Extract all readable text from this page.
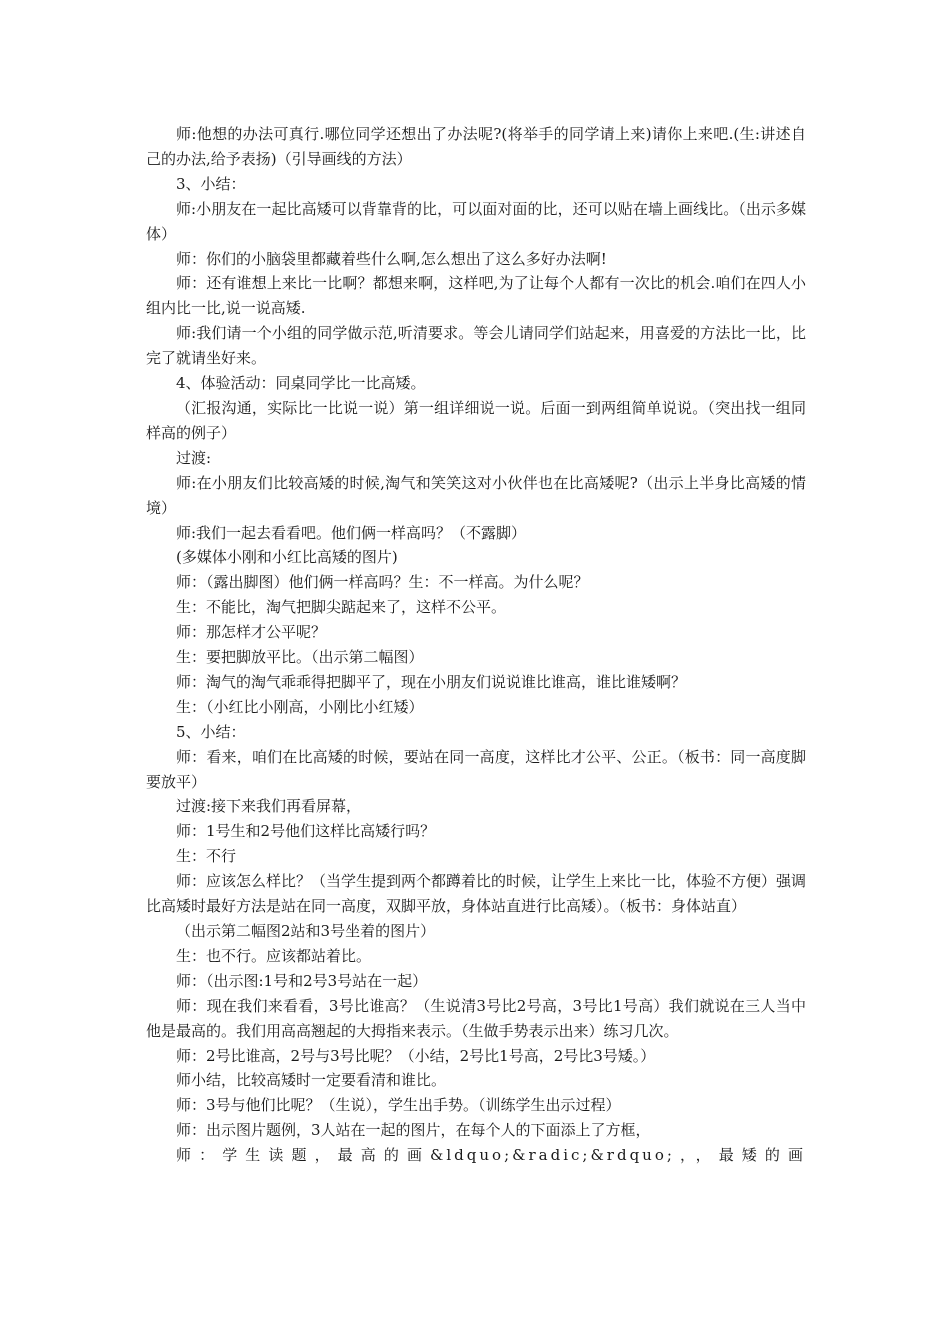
师:他想的办法可真行.哪位同学还想出了办法呢?(将举手的同学请上来)请你上来吧.(生:讲述自己的办法,给予表扬)（引导画线的方法）

3、小结：

师:小朋友在一起比高矮可以背靠背的比，可以面对面的比，还可以贴在墙上画线比。（出示多媒体）

师：你们的小脑袋里都藏着些什么啊,怎么想出了这么多好办法啊!

师：还有谁想上来比一比啊？都想来啊，这样吧,为了让每个人都有一次比的机会.咱们在四人小组内比一比,说一说高矮.

师:我们请一个小组的同学做示范,听清要求。等会儿请同学们站起来，用喜爱的方法比一比，比完了就请坐好来。

4、体验活动：同桌同学比一比高矮。

（汇报沟通，实际比一比说一说）第一组详细说一说。后面一到两组简单说说。（突出找一组同样高的例子）

过渡:

师:在小朋友们比较高矮的时候,淘气和笑笑这对小伙伴也在比高矮呢?（出示上半身比高矮的情境）

师:我们一起去看看吧。他们俩一样高吗？（不露脚）

(多媒体小刚和小红比高矮的图片)

师：（露出脚图）他们俩一样高吗？生：不一样高。为什么呢？

生：不能比，淘气把脚尖踮起来了，这样不公平。

师：那怎样才公平呢？

生：要把脚放平比。（出示第二幅图）

师：淘气的淘气乖乖得把脚平了，现在小朋友们说说谁比谁高，谁比谁矮啊？

生：（小红比小刚高，小刚比小红矮）

5、小结：

师：看来，咱们在比高矮的时候，要站在同一高度，这样比才公平、公正。（板书：同一高度脚要放平）

过渡:接下来我们再看屏幕，

师：1号生和2号他们这样比高矮行吗？

生：不行

师：应该怎么样比？（当学生提到两个都蹲着比的时候，让学生上来比一比，体验不方便）强调比高矮时最好方法是站在同一高度，双脚平放，身体站直进行比高矮）。（板书：身体站直）

（出示第二幅图2站和3号坐着的图片）

生：也不行。应该都站着比。

师：（出示图:1号和2号3号站在一起）

师：现在我们来看看，3号比谁高？（生说清3号比2号高，3号比1号高）我们就说在三人当中他是最高的。我们用高高翘起的大拇指来表示。（生做手势表示出来）练习几次。

师：2号比谁高，2号与3号比呢？（小结，2号比1号高，2号比3号矮。）

师小结，比较高矮时一定要看清和谁比。

师：3号与他们比呢？（生说），学生出手势。（训练学生出示过程）

师：出示图片题例，3人站在一起的图片，在每个人的下面添上了方框，

师：学生读题，最高的画&ldquo;&radic;&rdquo;，，最矮的画
